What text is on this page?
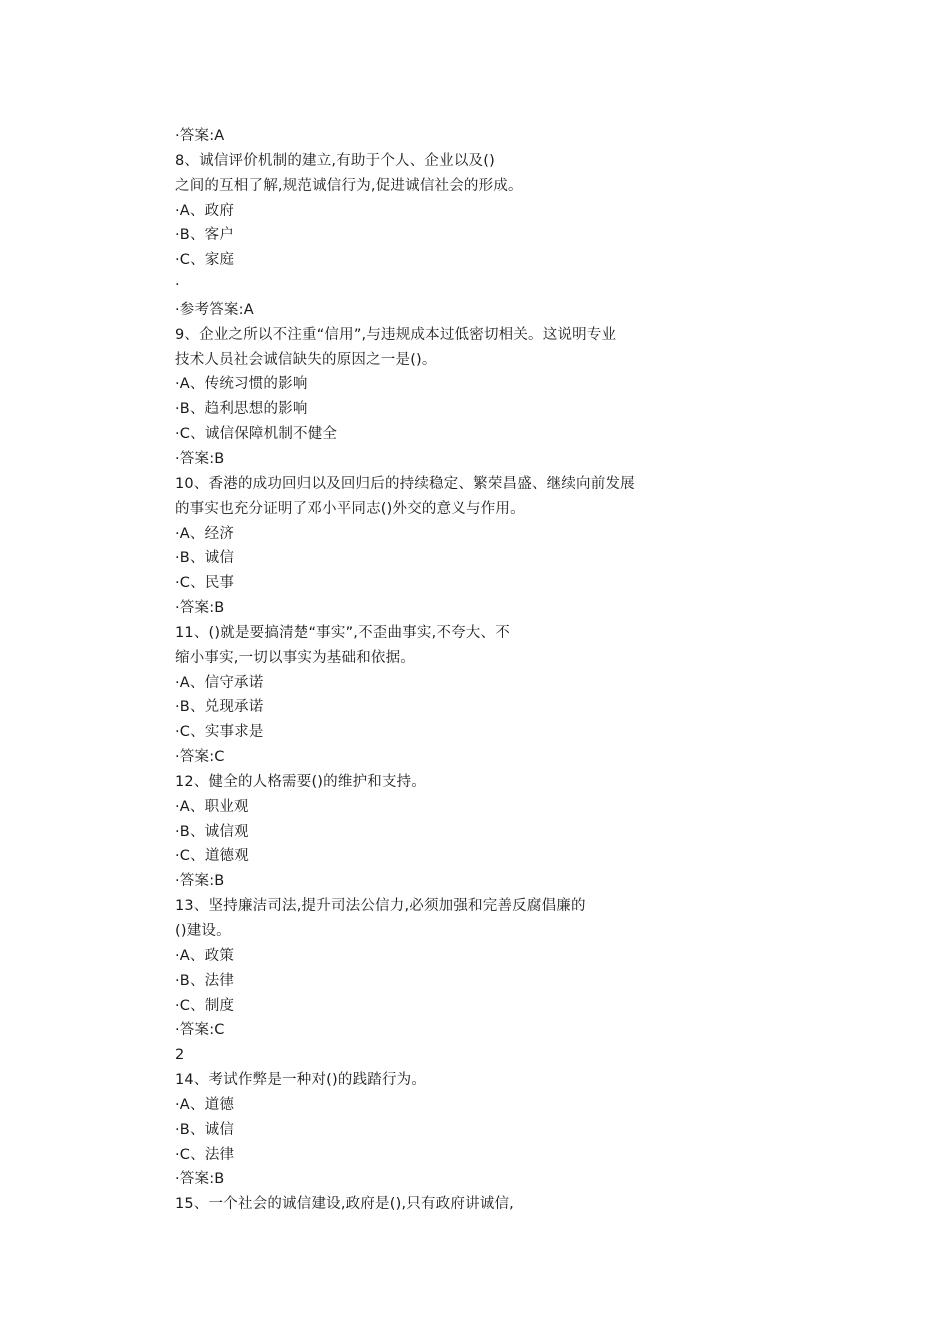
·答案:A
8、诚信评价机制的建立,有助于个人、企业以及()
之间的互相了解,规范诚信行为,促进诚信社会的形成。
·A、政府
·B、客户
·C、家庭
·
·参考答案:A
9、企业之所以不注重“信用”,与违规成本过低密切相关。这说明专业
技术人员社会诚信缺失的原因之一是()。
·A、传统习惯的影响
·B、趋利思想的影响
·C、诚信保障机制不健全
·答案:B
10、香港的成功回归以及回归后的持续稳定、繁荣昌盛、继续向前发展
的事实也充分证明了邓小平同志()外交的意义与作用。
·A、经济
·B、诚信
·C、民事
·答案:B
11、()就是要搞清楚“事实”,不歪曲事实,不夸大、不
缩小事实,一切以事实为基础和依据。
·A、信守承诺
·B、兑现承诺
·C、实事求是
·答案:C
12、健全的人格需要()的维护和支持。
·A、职业观
·B、诚信观
·C、道德观
·答案:B
13、坚持廉洁司法,提升司法公信力,必须加强和完善反腐倡廉的
()建设。
·A、政策
·B、法律
·C、制度
·答案:C
2
14、考试作弊是一种对()的践踏行为。
·A、道德
·B、诚信
·C、法律
·答案:B
15、一个社会的诚信建设,政府是(),只有政府讲诚信,
